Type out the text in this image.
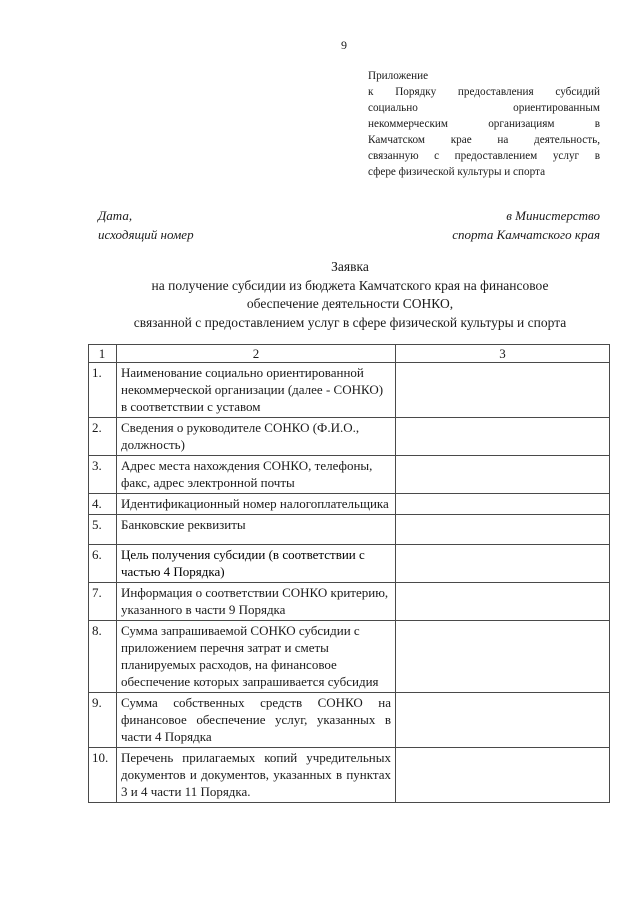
9
Приложение
к Порядку предоставления субсидий
социально ориентированным
некоммерческим организациям в
Камчатском крае на деятельность,
связанную с предоставлением услуг в
сфере физической культуры и спорта
Дата,
исходящий номер
в Министерство
спорта Камчатского края
Заявка
на получение субсидии из бюджета Камчатского края на финансовое
обеспечение деятельности СОНКО,
связанной с предоставлением услуг в сфере физической культуры и спорта
1	2	3
1.	Наименование социально ориентированной некоммерческой организации (далее - СОНКО) в соответствии с уставом	
2.	Сведения о руководителе СОНКО (Ф.И.О., должность)	
3.	Адрес места нахождения СОНКО, телефоны, факс, адрес электронной почты	
4.	Идентификационный номер налогоплательщика	
5.	Банковские реквизиты	
6.	Цель получения субсидии (в соответствии с частью 4 Порядка)	
7.	Информация о соответствии СОНКО критерию, указанного в части 9 Порядка	
8.	Сумма запрашиваемой СОНКО субсидии с приложением перечня затрат и сметы планируемых расходов, на финансовое обеспечение которых запрашивается субсидия	
9.	Сумма собственных средств СОНКО на финансовое обеспечение услуг, указанных в части 4 Порядка	
10.	Перечень прилагаемых копий учредительных документов и документов, указанных в пунктах 3 и 4 части 11 Порядка.	
